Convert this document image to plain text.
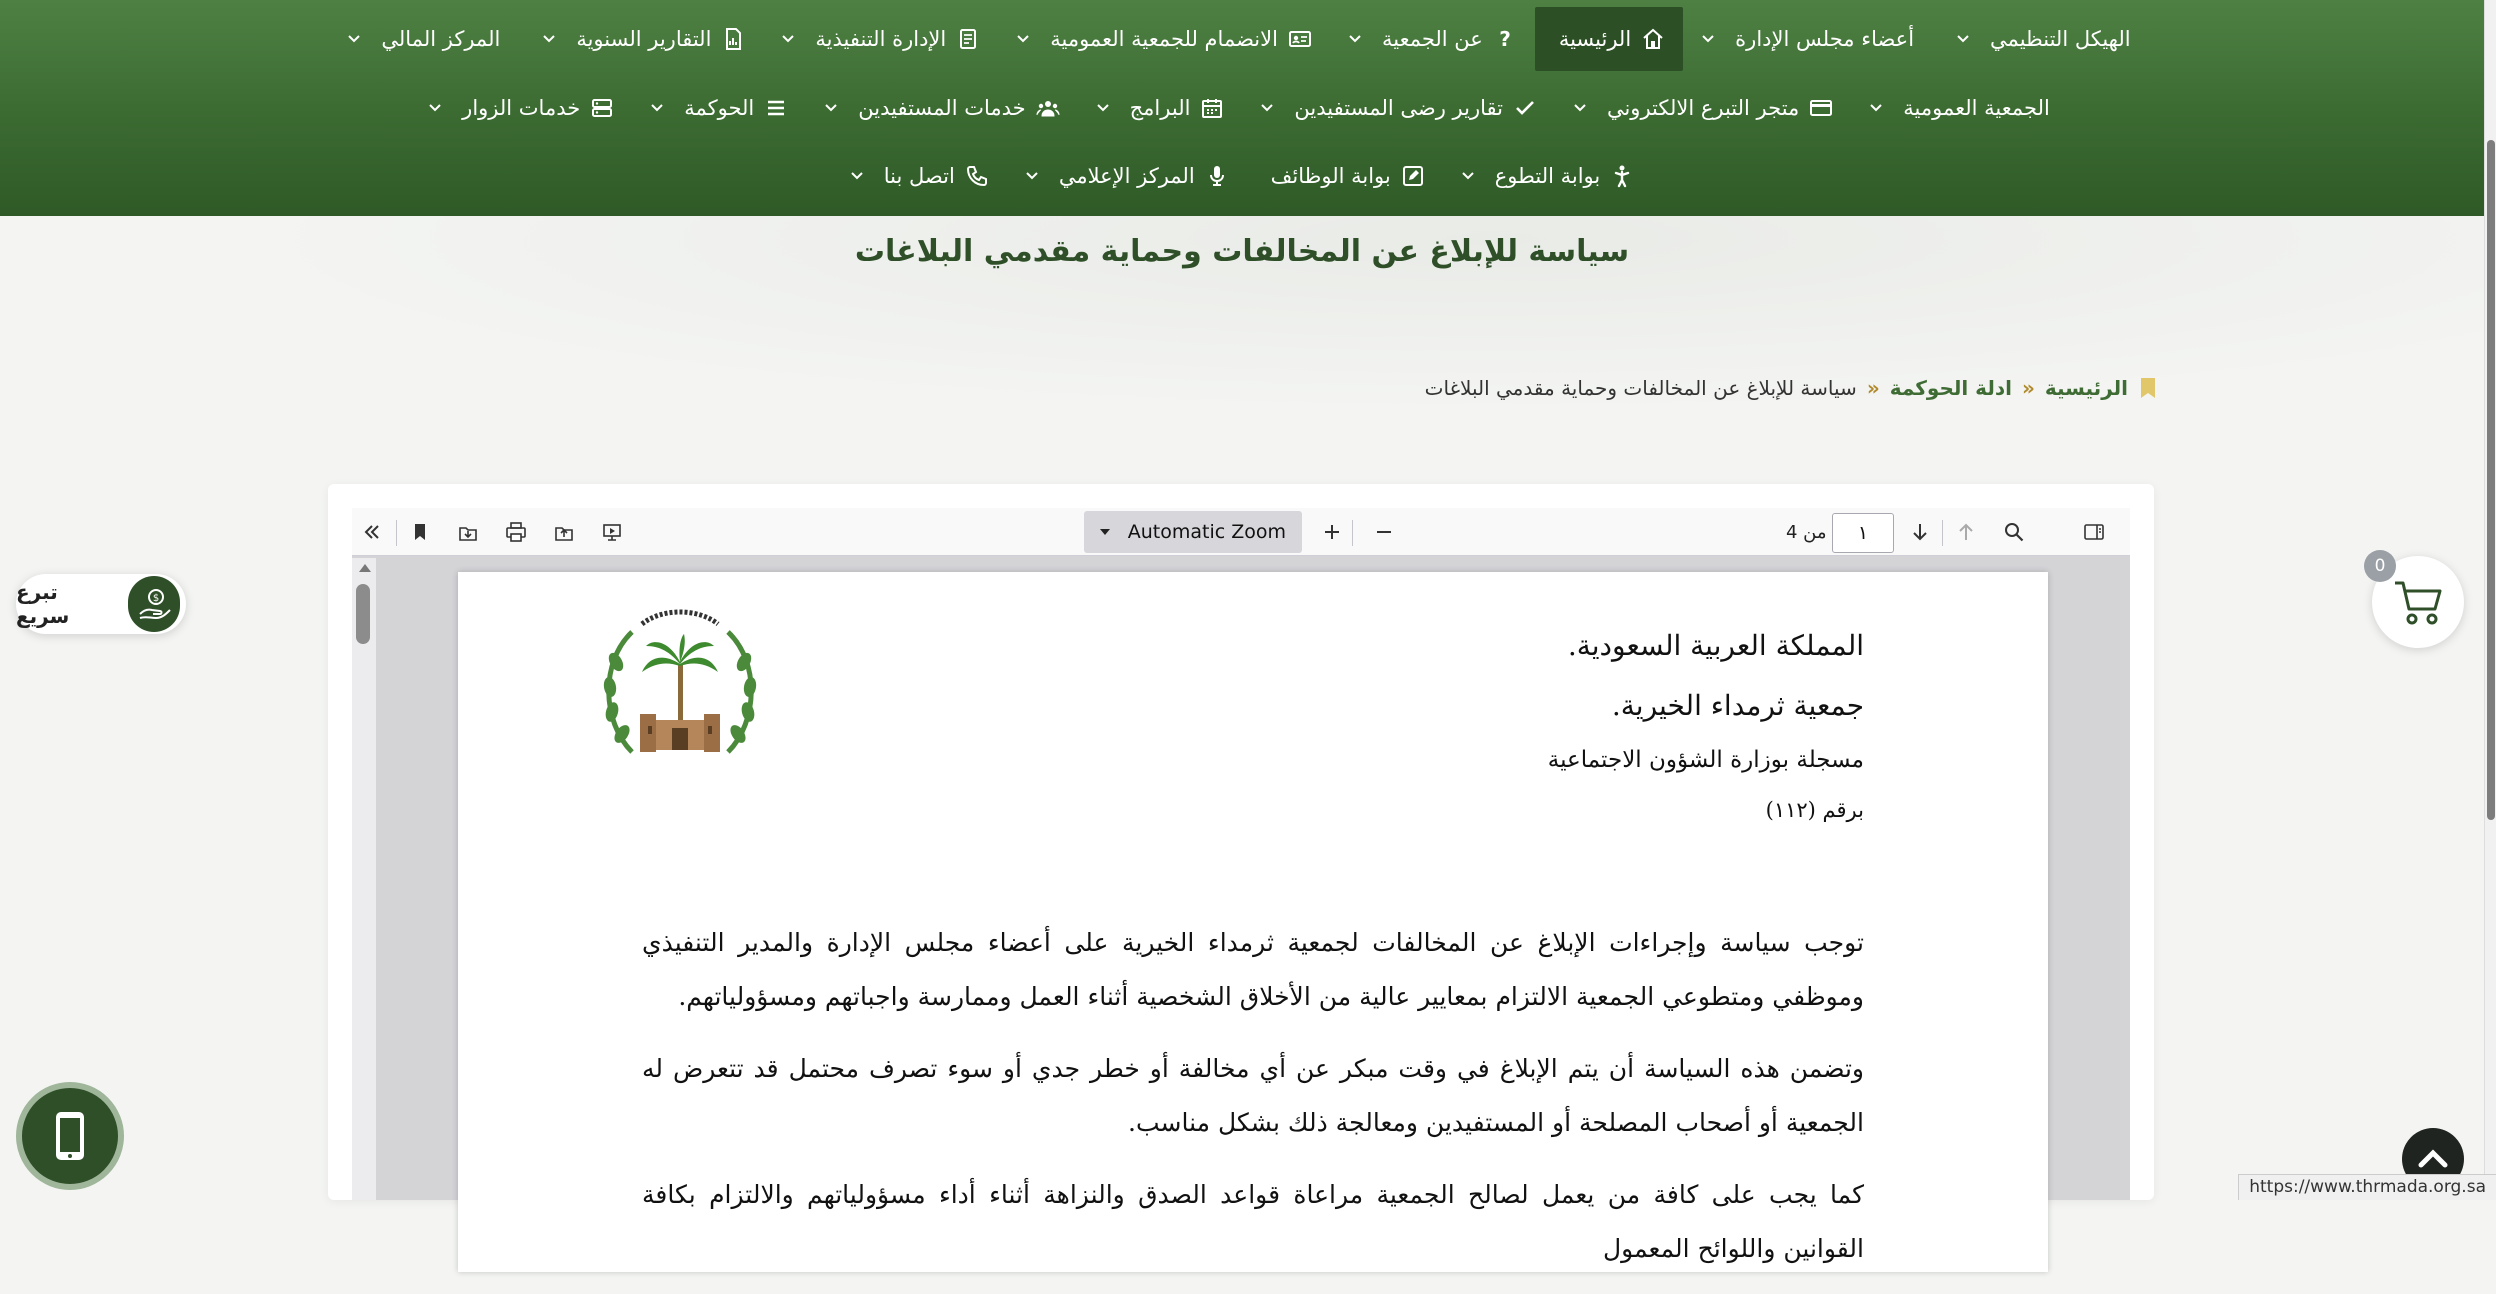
الهيكل التنظيمي
أعضاء مجلس الإدارة
الرئيسية
?
عن الجمعية
الانضمام للجمعية العمومية
الإدارة التنفيذية
التقارير السنوية
المركز المالي
الجمعية العمومية
متجر التبرع الالكتروني
تقارير رضى المستفيدين
البرامج
خدمات المستفيدين
الحوكمة
خدمات الزوار
بوابة التطوع
بوابة الوظائف
المركز الإعلامي
اتصل بنا
سياسة للإبلاغ عن المخالفات وحماية مقدمي البلاغات
الرئيسية
»
ادلة الحوكمة
»
سياسة للإبلاغ عن المخالفات وحماية مقدمي البلاغات
Automatic Zoom	من 4
١
المملكة العربية السعودية.
جمعية ثرمداء الخيرية.
مسجلة بوزارة الشؤون الاجتماعية
برقم (١١٢)

توجب سياسة وإجراءات الإبلاغ عن المخالفات لجمعية ثرمداء الخيرية على أعضاء مجلس الإدارة والمدير التنفيذي وموظفي ومتطوعي الجمعية الالتزام بمعايير عالية من الأخلاق الشخصية أثناء العمل وممارسة واجباتهم ومسؤولياتهم.

وتضمن هذه السياسة أن يتم الإبلاغ في وقت مبكر عن أي مخالفة أو خطر جدي أو سوء تصرف محتمل قد تتعرض له الجمعية أو أصحاب المصلحة أو المستفيدين ومعالجة ذلك بشكل مناسب.

كما يجب على كافة من يعمل لصالح الجمعية مراعاة قواعد الصدق والنزاهة أثناء أداء مسؤولياتهم والالتزام بكافة القوانين واللوائح المعمول

تبرع سريع
$
0
https://www.thrmada.org.sa
